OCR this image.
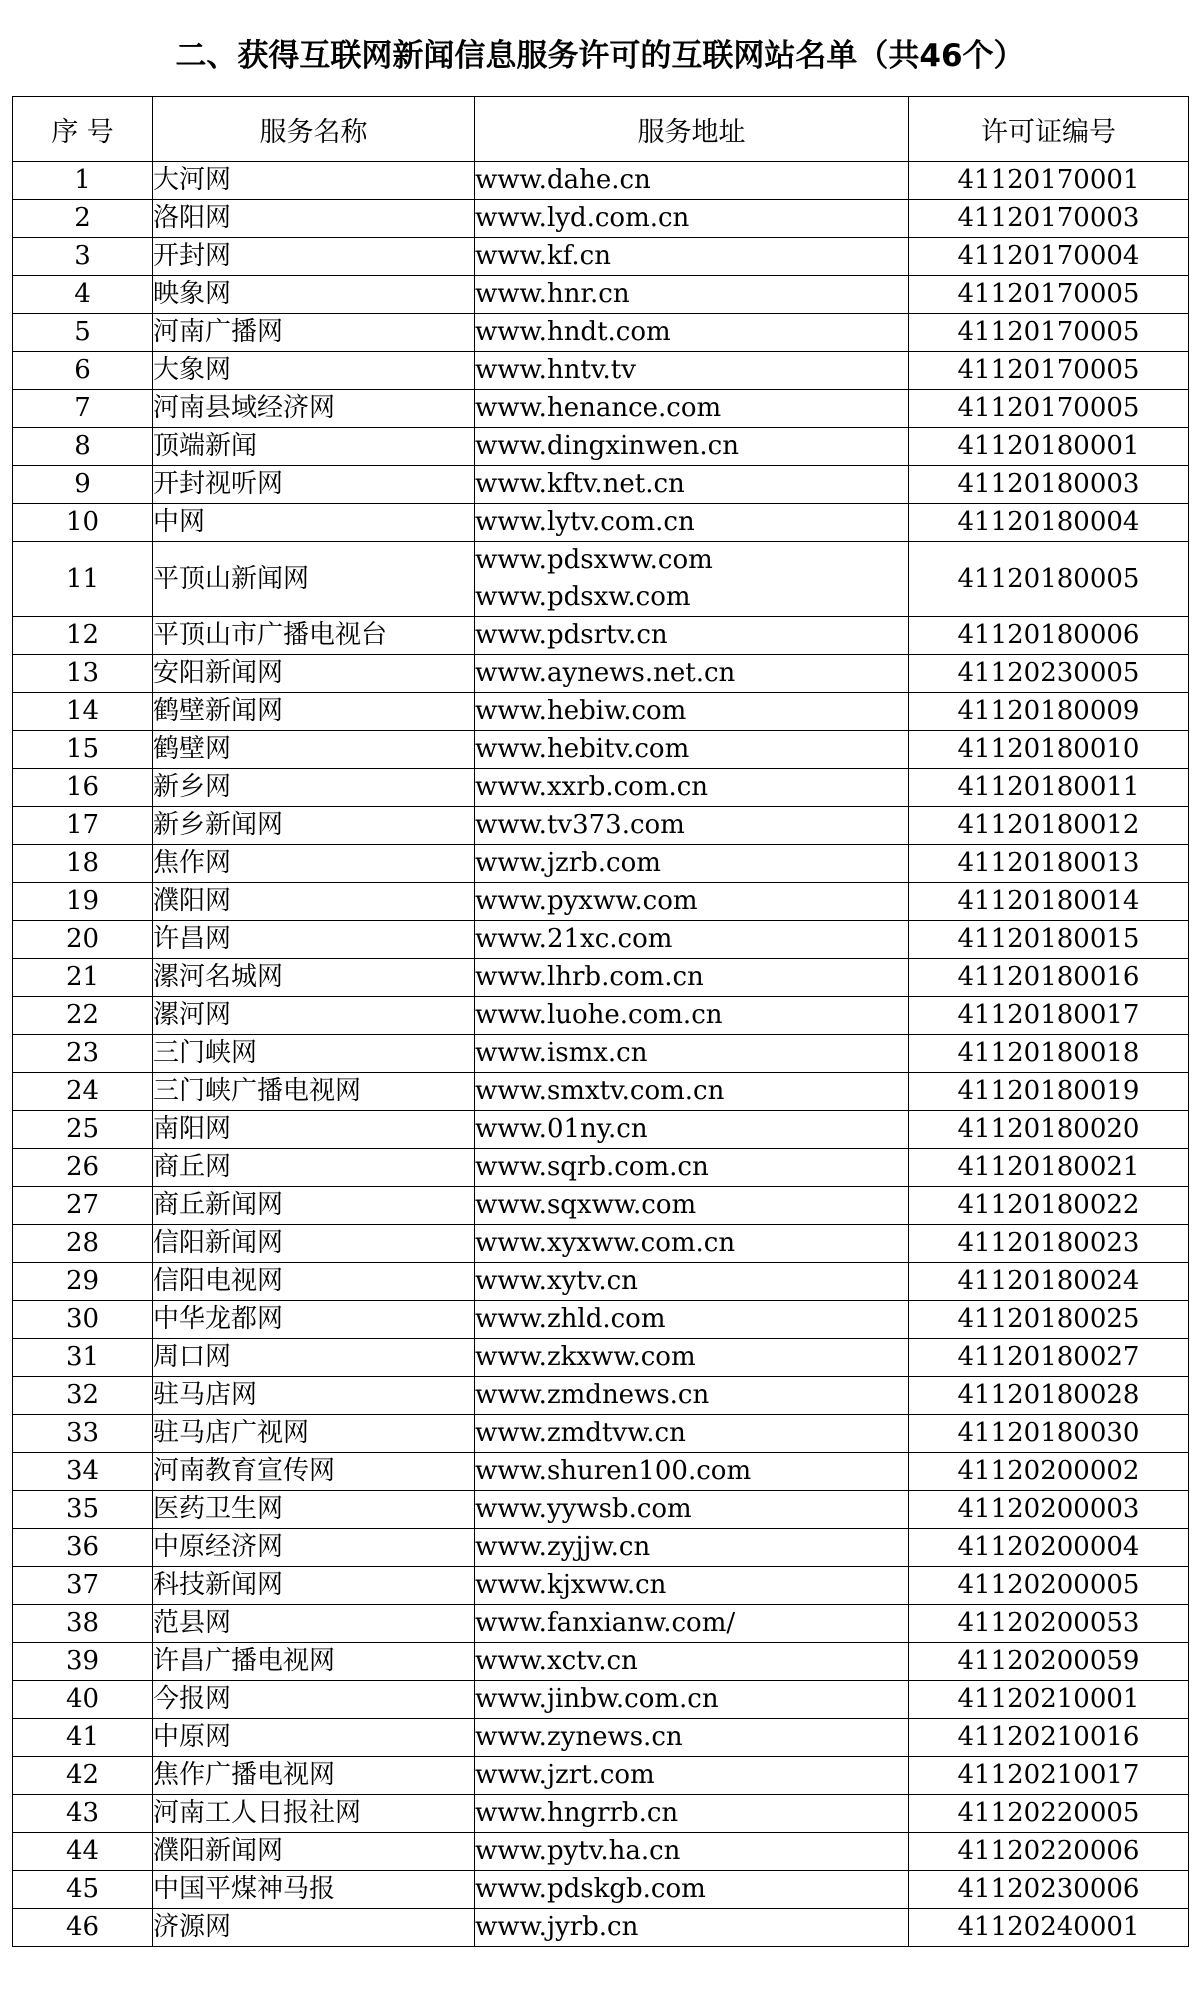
二、获得互联网新闻信息服务许可的互联网站名单（共46个）
序 号	服务名称	服务地址	许可证编号
1	大河网	www.dahe.cn	41120170001
2	洛阳网	www.lyd.com.cn	41120170003
3	开封网	www.kf.cn	41120170004
4	映象网	www.hnr.cn	41120170005
5	河南广播网	www.hndt.com	41120170005
6	大象网	www.hntv.tv	41120170005
7	河南县域经济网	www.henance.com	41120170005
8	顶端新闻	www.dingxinwen.cn	41120180001
9	开封视听网	www.kftv.net.cn	41120180003
10	中网	www.lytv.com.cn	41120180004
11	平顶山新闻网	www.pdsxww.com
www.pdsxw.com	41120180005
12	平顶山市广播电视台	www.pdsrtv.cn	41120180006
13	安阳新闻网	www.aynews.net.cn	41120230005
14	鹤壁新闻网	www.hebiw.com	41120180009
15	鹤壁网	www.hebitv.com	41120180010
16	新乡网	www.xxrb.com.cn	41120180011
17	新乡新闻网	www.tv373.com	41120180012
18	焦作网	www.jzrb.com	41120180013
19	濮阳网	www.pyxww.com	41120180014
20	许昌网	www.21xc.com	41120180015
21	漯河名城网	www.lhrb.com.cn	41120180016
22	漯河网	www.luohe.com.cn	41120180017
23	三门峡网	www.ismx.cn	41120180018
24	三门峡广播电视网	www.smxtv.com.cn	41120180019
25	南阳网	www.01ny.cn	41120180020
26	商丘网	www.sqrb.com.cn	41120180021
27	商丘新闻网	www.sqxww.com	41120180022
28	信阳新闻网	www.xyxww.com.cn	41120180023
29	信阳电视网	www.xytv.cn	41120180024
30	中华龙都网	www.zhld.com	41120180025
31	周口网	www.zkxww.com	41120180027
32	驻马店网	www.zmdnews.cn	41120180028
33	驻马店广视网	www.zmdtvw.cn	41120180030
34	河南教育宣传网	www.shuren100.com	41120200002
35	医药卫生网	www.yywsb.com	41120200003
36	中原经济网	www.zyjjw.cn	41120200004
37	科技新闻网	www.kjxww.cn	41120200005
38	范县网	www.fanxianw.com/	41120200053
39	许昌广播电视网	www.xctv.cn	41120200059
40	今报网	www.jinbw.com.cn	41120210001
41	中原网	www.zynews.cn	41120210016
42	焦作广播电视网	www.jzrt.com	41120210017
43	河南工人日报社网	www.hngrrb.cn	41120220005
44	濮阳新闻网	www.pytv.ha.cn	41120220006
45	中国平煤神马报	www.pdskgb.com	41120230006
46	济源网	www.jyrb.cn	41120240001
